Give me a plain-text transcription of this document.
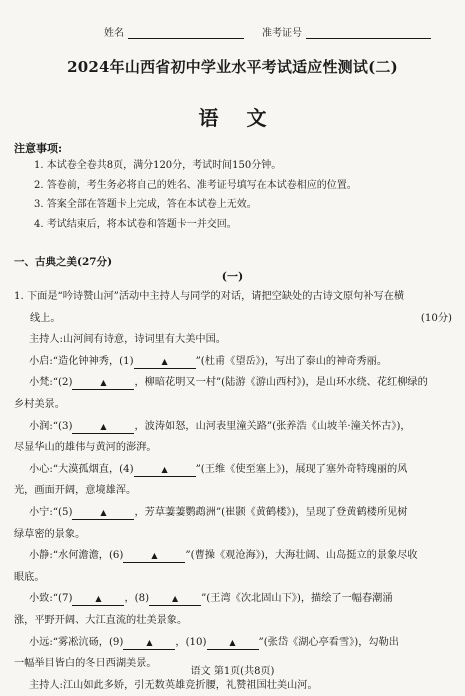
姓名	准考证号
2024年山西省初中学业水平考试适应性测试(二)
语文
注意事项:
1. 本试卷全卷共8页，满分120分，考试时间150分钟。
2. 答卷前，考生务必将自己的姓名、准考证号填写在本试卷相应的位置。
3. 答案全部在答题卡上完成，答在本试卷上无效。
4. 考试结束后，将本试卷和答题卡一并交回。
一、古典之美(27分)
(一)
1. 下面是“吟诗赞山河”活动中主持人与同学的对话，请把空缺处的古诗文原句补写在横
线上。	(10分)
主持人:山河间有诗意，诗词里有大美中国。
小启:“造化钟神秀，(1)	▲	”(杜甫《望岳》)，写出了泰山的神奇秀丽。
小梵:“(2)	▲	，柳暗花明又一村”(陆游《游山西村》)，是山环水绕、花红柳绿的
乡村美景。
小润:“(3)	▲	，波涛如怒，山河表里潼关路”(张养浩《山坡羊·潼关怀古》)，
尽显华山的雄伟与黄河的澎湃。
小心:“大漠孤烟直，(4)	▲	”(王维《使至塞上》)，展现了塞外奇特瑰丽的风
光，画面开阔，意境雄浑。
小宁:“(5)	▲	，芳草萋萋鹦鹉洲”(崔颢《黄鹤楼》)，呈现了登黄鹤楼所见树
绿草密的景象。
小静:“水何澹澹，(6)	▲	”(曹操《观沧海》)，大海壮阔、山岛挺立的景象尽收
眼底。
小致:“(7)	▲ ，(8)	▲ ”(王湾《次北固山下》)，描绘了一幅春潮涌
涨，平野开阔、大江直流的壮美景象。
小远:“雾凇沆砀，(9)	▲ ，(10)	▲ ”(张岱《湖心亭看雪》)，勾勒出
一幅举目皆白的冬日西湖美景。
主持人:江山如此多娇，引无数英雄竞折腰，礼赞祖国壮美山河。
语文 第1页(共8页)
